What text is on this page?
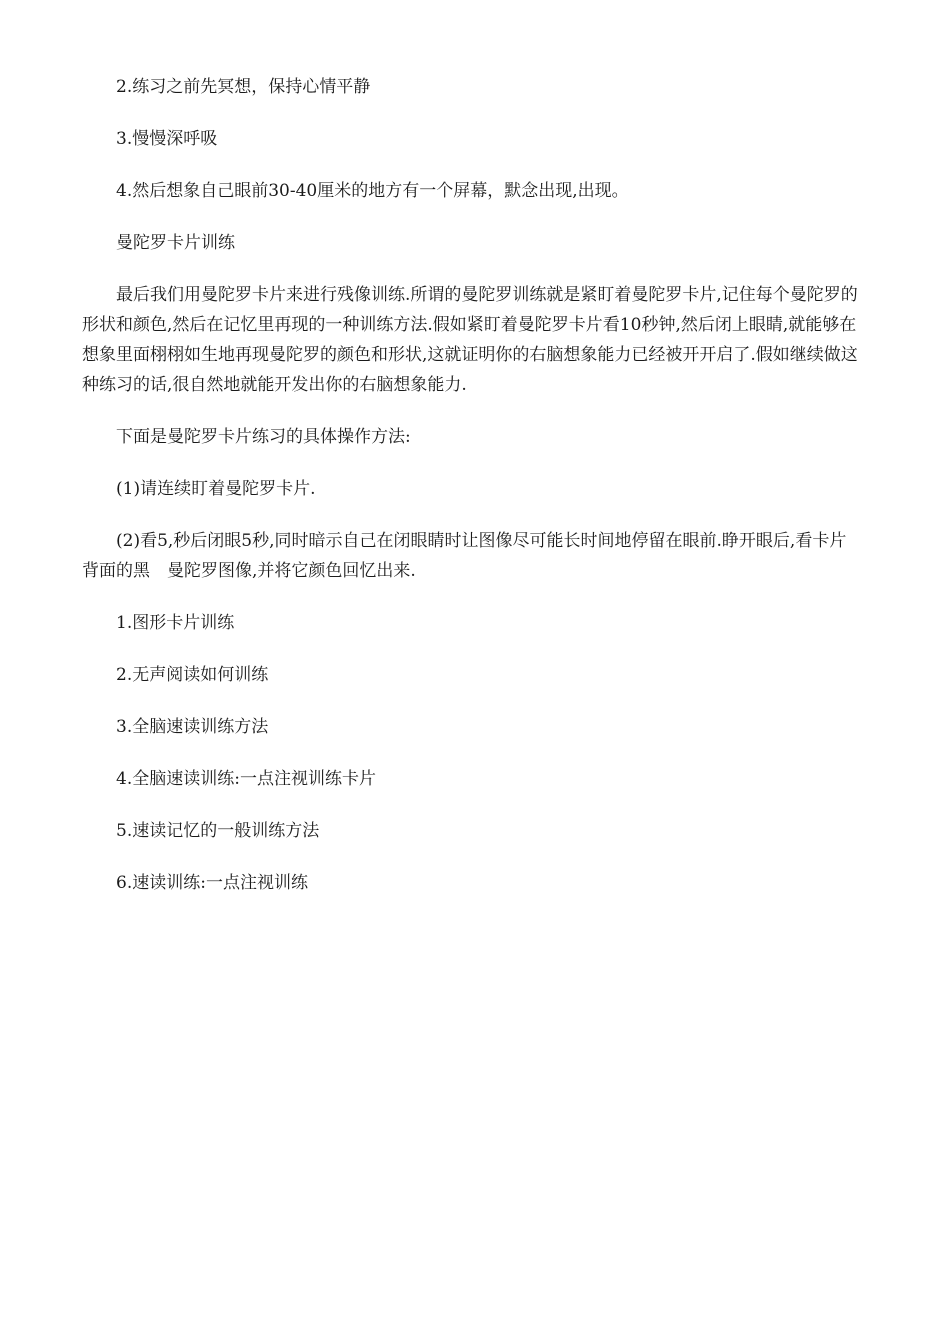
2.练习之前先冥想，保持心情平静

3.慢慢深呼吸

4.然后想象自己眼前30-40厘米的地方有一个屏幕，默念出现,出现。

曼陀罗卡片训练

最后我们用曼陀罗卡片来进行残像训练.所谓的曼陀罗训练就是紧盯着曼陀罗卡片,记住每个曼陀罗的形状和颜色,然后在记忆里再现的一种训练方法.假如紧盯着曼陀罗卡片看10秒钟,然后闭上眼睛,就能够在想象里面栩栩如生地再现曼陀罗的颜色和形状,这就证明你的右脑想象能力已经被开开启了.假如继续做这种练习的话,很自然地就能开发出你的右脑想象能力.

下面是曼陀罗卡片练习的具体操作方法:

(1)请连续盯着曼陀罗卡片.

(2)看5,秒后闭眼5秒,同时暗示自己在闭眼睛时让图像尽可能长时间地停留在眼前.睁开眼后,看卡片背面的黑　曼陀罗图像,并将它颜色回忆出来.

1.图形卡片训练

2.无声阅读如何训练

3.全脑速读训练方法

4.全脑速读训练:一点注视训练卡片

5.速读记忆的一般训练方法

6.速读训练:一点注视训练
